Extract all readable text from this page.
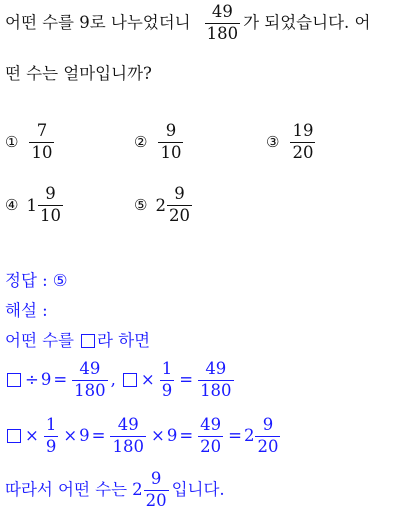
어떤 수를 9로 나누었더니 $\frac{49}{180}$ 가 되었습니다. 어
떤 수는 얼마입니까?
① $\frac{7}{10}$	② $\frac{9}{10}$	③ $\frac{19}{20}$
④ $1 \frac{9}{10}$	⑤ $2 \frac{9}{20}$
정답 : ⑤
해설 :
어떤 수를 라 하면
÷ $9 = \frac{49}{180}$ , × $\frac{1}{9} = \frac{49}{180}$
× $\frac{1}{9} \times 9 = \frac{49}{180} \times 9 = \frac{49}{20} = 2 \frac{9}{20}$
따라서 어떤 수는 $2 \frac{9}{20}$ 입니다.
